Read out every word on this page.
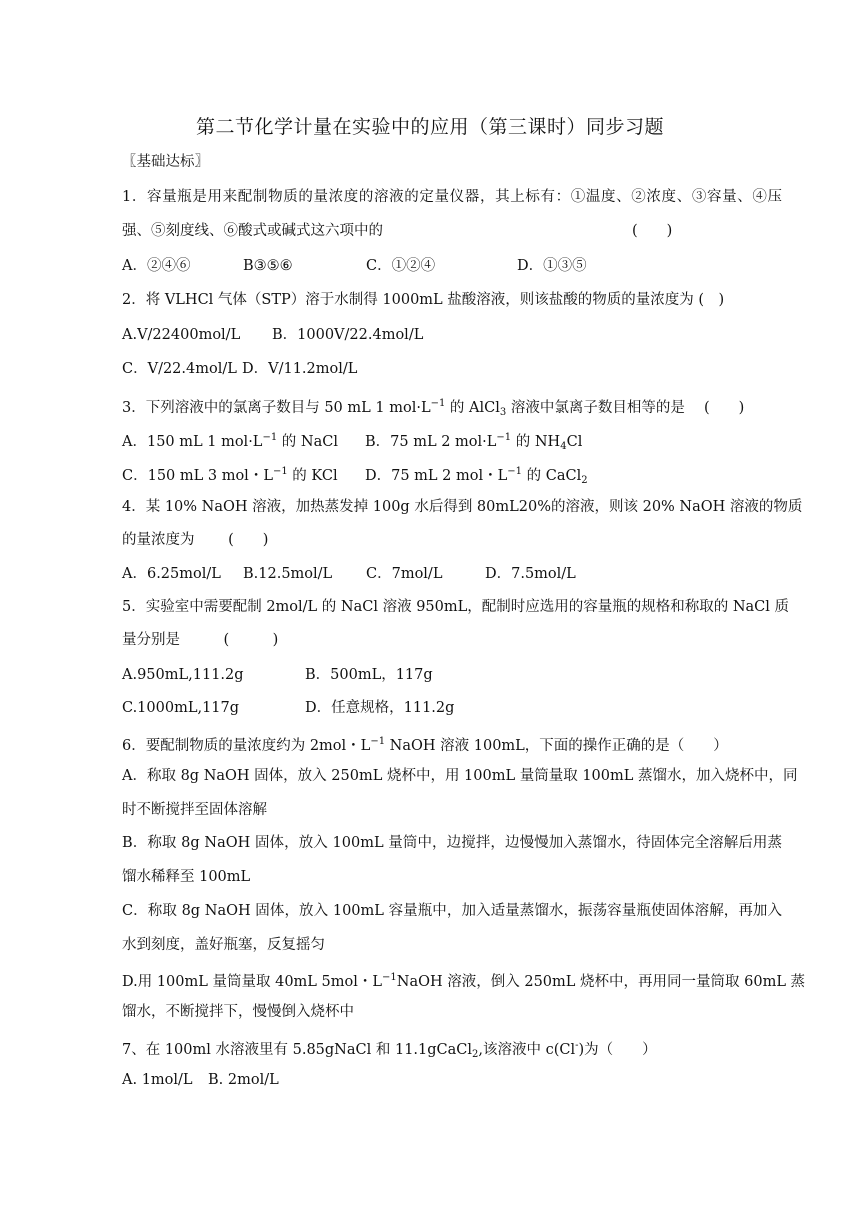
第二节化学计量在实验中的应用（第三课时）同步习题
〖基础达标〗
1．容量瓶是用来配制物质的量浓度的溶液的定量仪器，其上标有：①温度、②浓度、③容量、④压
强、⑤刻度线、⑥酸式或碱式这六项中的	(　　)
A．②④⑥	B③⑤⑥	C．①②④	D．①③⑤
2．将 VLHCl 气体（STP）溶于水制得 1000mL 盐酸溶液，则该盐酸的物质的量浓度为 (　)
A.V/22400mol/L B．1000V/22.4mol/L
C．V/22.4mol/L D．V/11.2mol/L
3．下列溶液中的氯离子数目与 50 mL 1 $mol\cdot L^{-1}$ 的 AlCl$_3$ 溶液中氯离子数目相等的是　 (　　)
A．150 mL 1 $mol\cdot L^{-1}$ 的 NaCl B．75 mL 2 $mol\cdot L^{-1}$ 的 $NH_4Cl$
C．150 mL 3 mol・$L^{-1}$ 的 KCl D．75 mL 2 mol・$L^{-1}$ 的 CaCl$_2$
4．某 10% NaOH 溶液，加热蒸发掉 100g 水后得到 80mL20%的溶液，则该 20% NaOH 溶液的物质
的量浓度为　　 (　　)
A．6.25mol/L B.12.5mol/L C．7mol/L	D．7.5mol/L
5．实验室中需要配制 2mol/L 的 NaCl 溶液 950mL，配制时应选用的容量瓶的规格和称取的 NaCl 质
量分别是　　　(　　　)
A.950mL,111.2g	B．500mL，117g
C.1000mL,117g	D．任意规格，111.2g
6．要配制物质的量浓度约为 2mol・$L^{-1}$ NaOH 溶液 100mL，下面的操作正确的是（　　）
A．称取 8g NaOH 固体，放入 250mL 烧杯中，用 100mL 量筒量取 100mL 蒸馏水，加入烧杯中，同
时不断搅拌至固体溶解
B．称取 8g NaOH 固体，放入 100mL 量筒中，边搅拌，边慢慢加入蒸馏水，待固体完全溶解后用蒸
馏水稀释至 100mL
C．称取 8g NaOH 固体，放入 100mL 容量瓶中，加入适量蒸馏水，振荡容量瓶使固体溶解，再加入
水到刻度，盖好瓶塞，反复摇匀
D.用 100mL 量筒量取 40mL 5mol・$L^{-1}NaOH$ 溶液，倒入 250mL 烧杯中，再用同一量筒取 60mL 蒸
馏水，不断搅拌下，慢慢倒入烧杯中
7、在 100ml 水溶液里有 5.85gNaCl 和 11.1gCaCl$_2$,该溶液中 c(Cl-)为（　　）
A. 1mol/L B. 2mol/L
